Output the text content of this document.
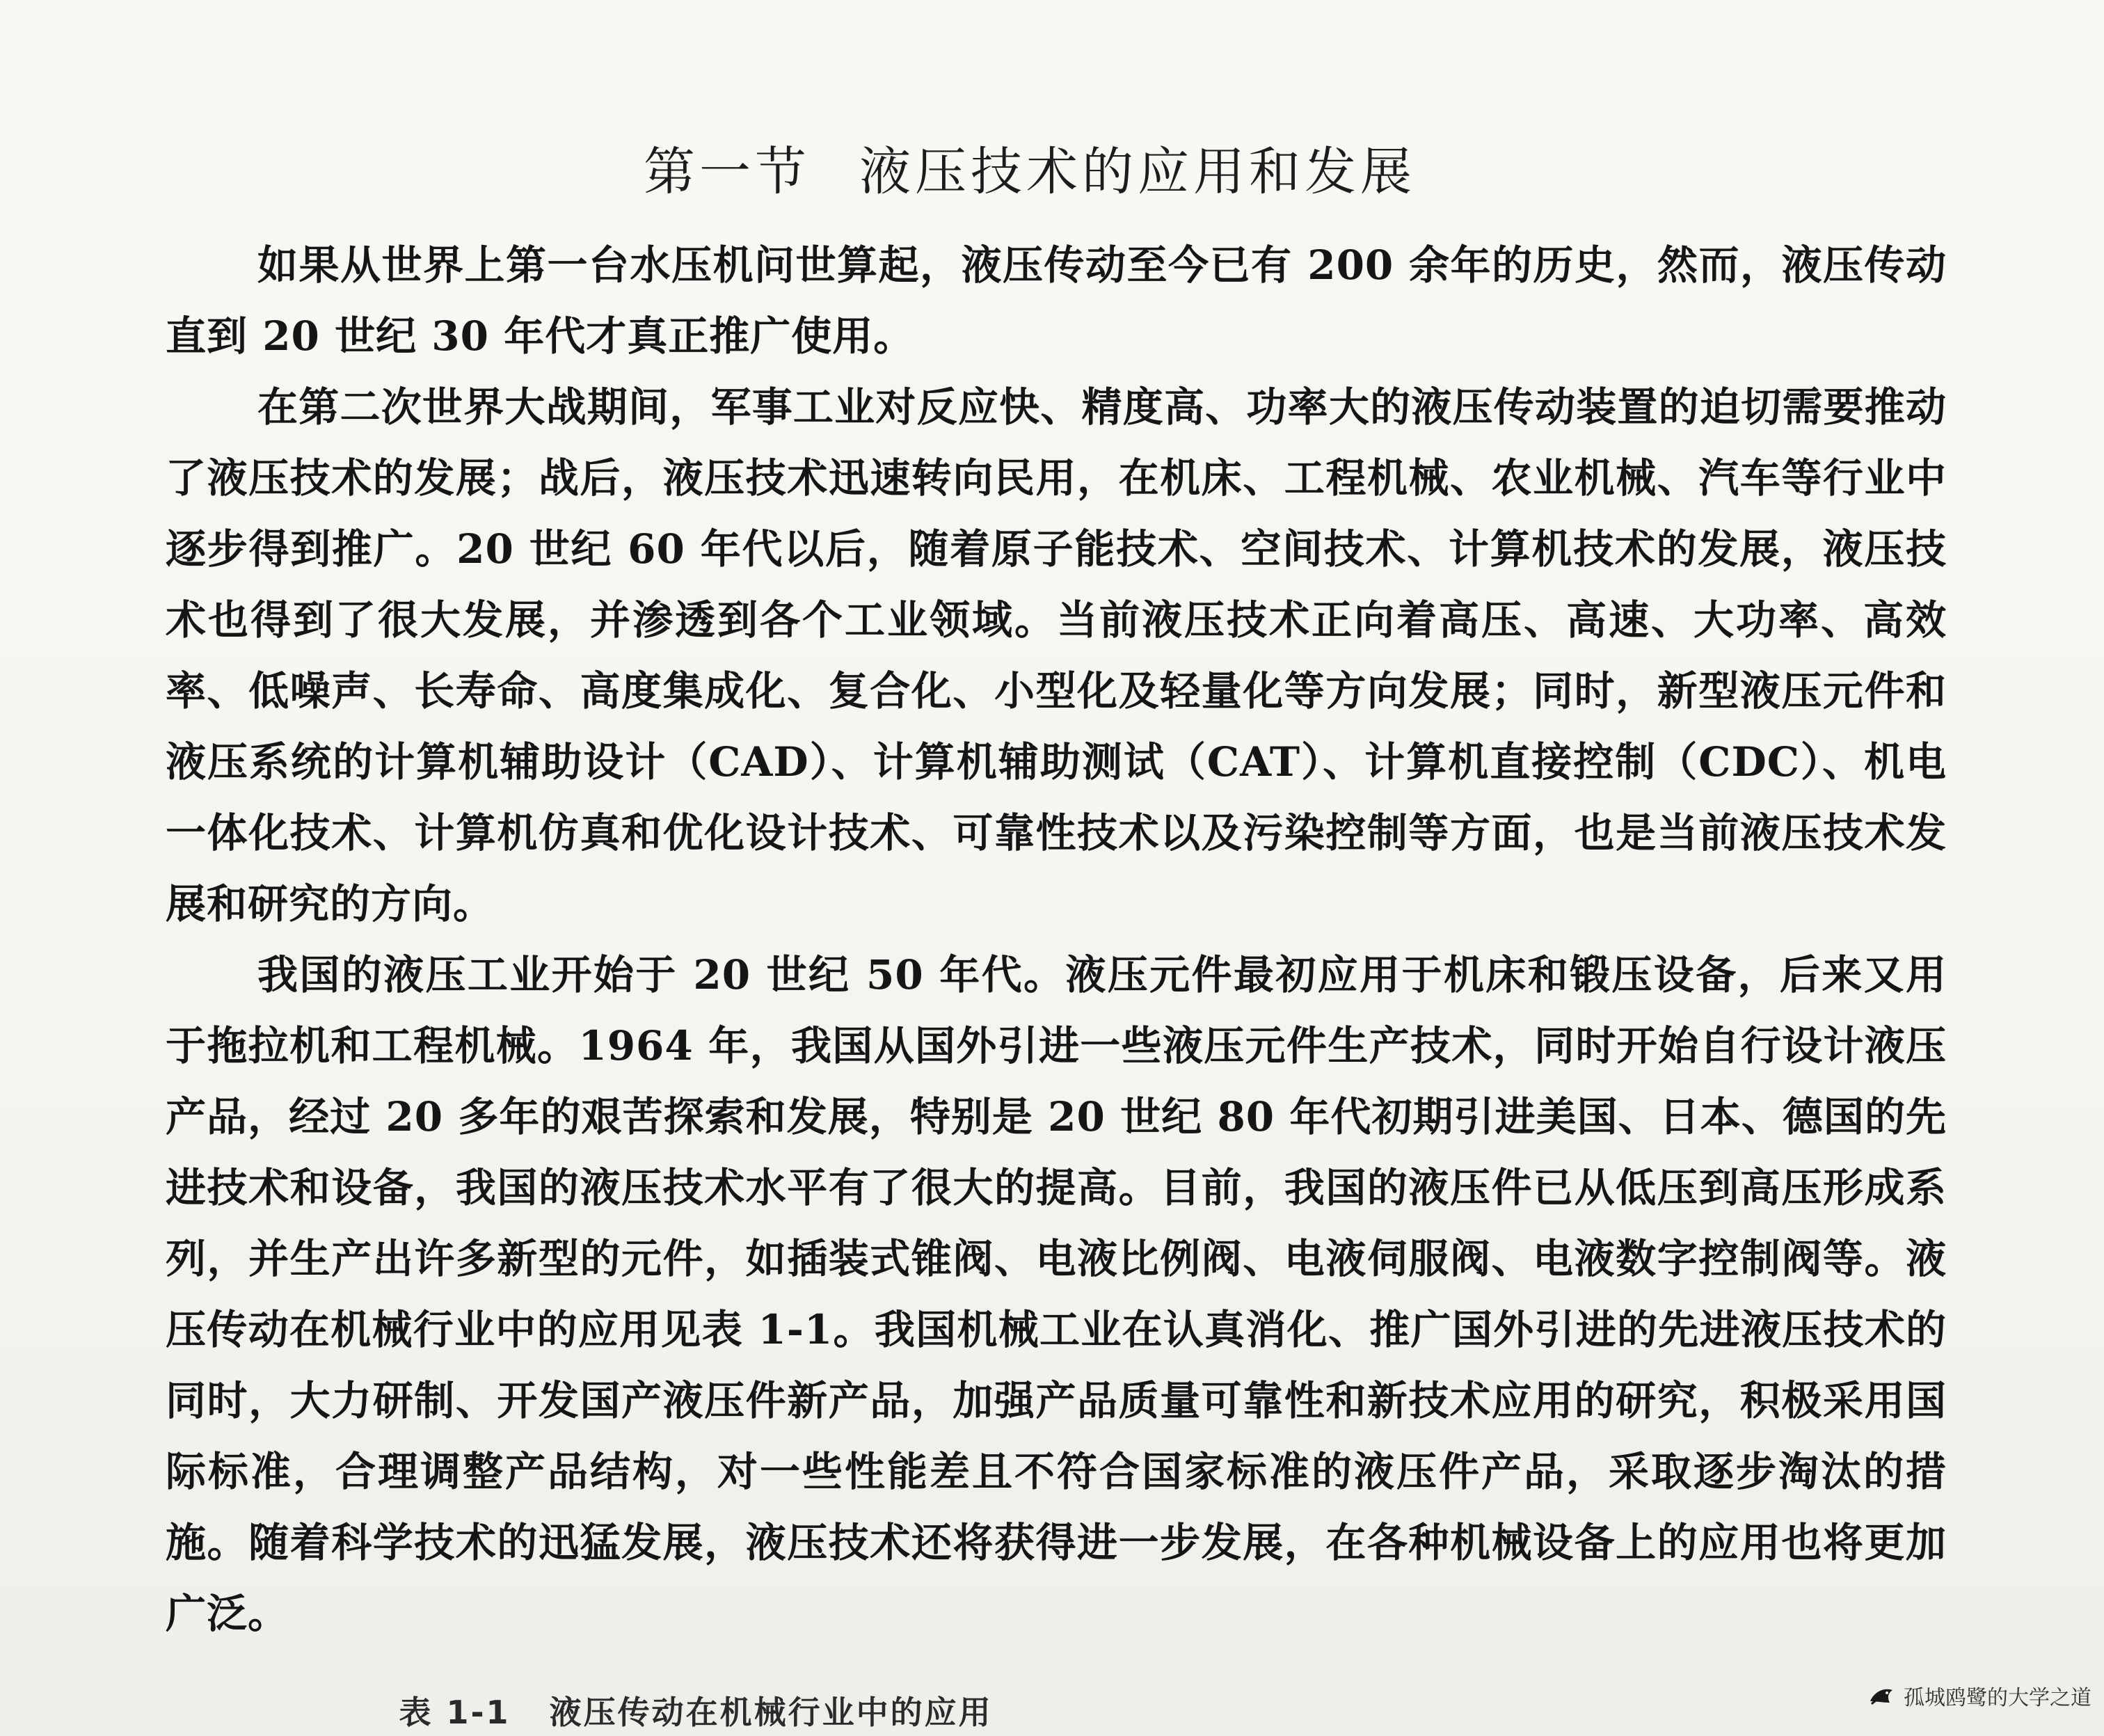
第一节 液压技术的应用和发展

如果从世界上第一台水压机问世算起，液压传动至今已有 200 余年的历史，然而，液压传动直到 20 世纪 30 年代才真正推广使用。

在第二次世界大战期间，军事工业对反应快、精度高、功率大的液压传动装置的迫切需要推动了液压技术的发展；战后，液压技术迅速转向民用，在机床、工程机械、农业机械、汽车等行业中逐步得到推广。20 世纪 60 年代以后，随着原子能技术、空间技术、计算机技术的发展，液压技术也得到了很大发展，并渗透到各个工业领域。当前液压技术正向着高压、高速、大功率、高效率、低噪声、长寿命、高度集成化、复合化、小型化及轻量化等方向发展；同时，新型液压元件和液压系统的计算机辅助设计（CAD）、计算机辅助测试（CAT）、计算机直接控制（CDC）、机电一体化技术、计算机仿真和优化设计技术、可靠性技术以及污染控制等方面，也是当前液压技术发展和研究的方向。

我国的液压工业开始于 20 世纪 50 年代。液压元件最初应用于机床和锻压设备，后来又用于拖拉机和工程机械。1964 年，我国从国外引进一些液压元件生产技术，同时开始自行设计液压产品，经过 20 多年的艰苦探索和发展，特别是 20 世纪 80 年代初期引进美国、日本、德国的先进技术和设备，我国的液压技术水平有了很大的提高。目前，我国的液压件已从低压到高压形成系列，并生产出许多新型的元件，如插装式锥阀、电液比例阀、电液伺服阀、电液数字控制阀等。液压传动在机械行业中的应用见表 1-1。我国机械工业在认真消化、推广国外引进的先进液压技术的同时，大力研制、开发国产液压件新产品，加强产品质量可靠性和新技术应用的研究，积极采用国际标准，合理调整产品结构，对一些性能差且不符合国家标准的液压件产品，采取逐步淘汰的措施。随着科学技术的迅猛发展，液压技术还将获得进一步发展，在各种机械设备上的应用也将更加广泛。

表 1-1 液压传动在机械行业中的应用	孤城鸥鹭的大学之道
